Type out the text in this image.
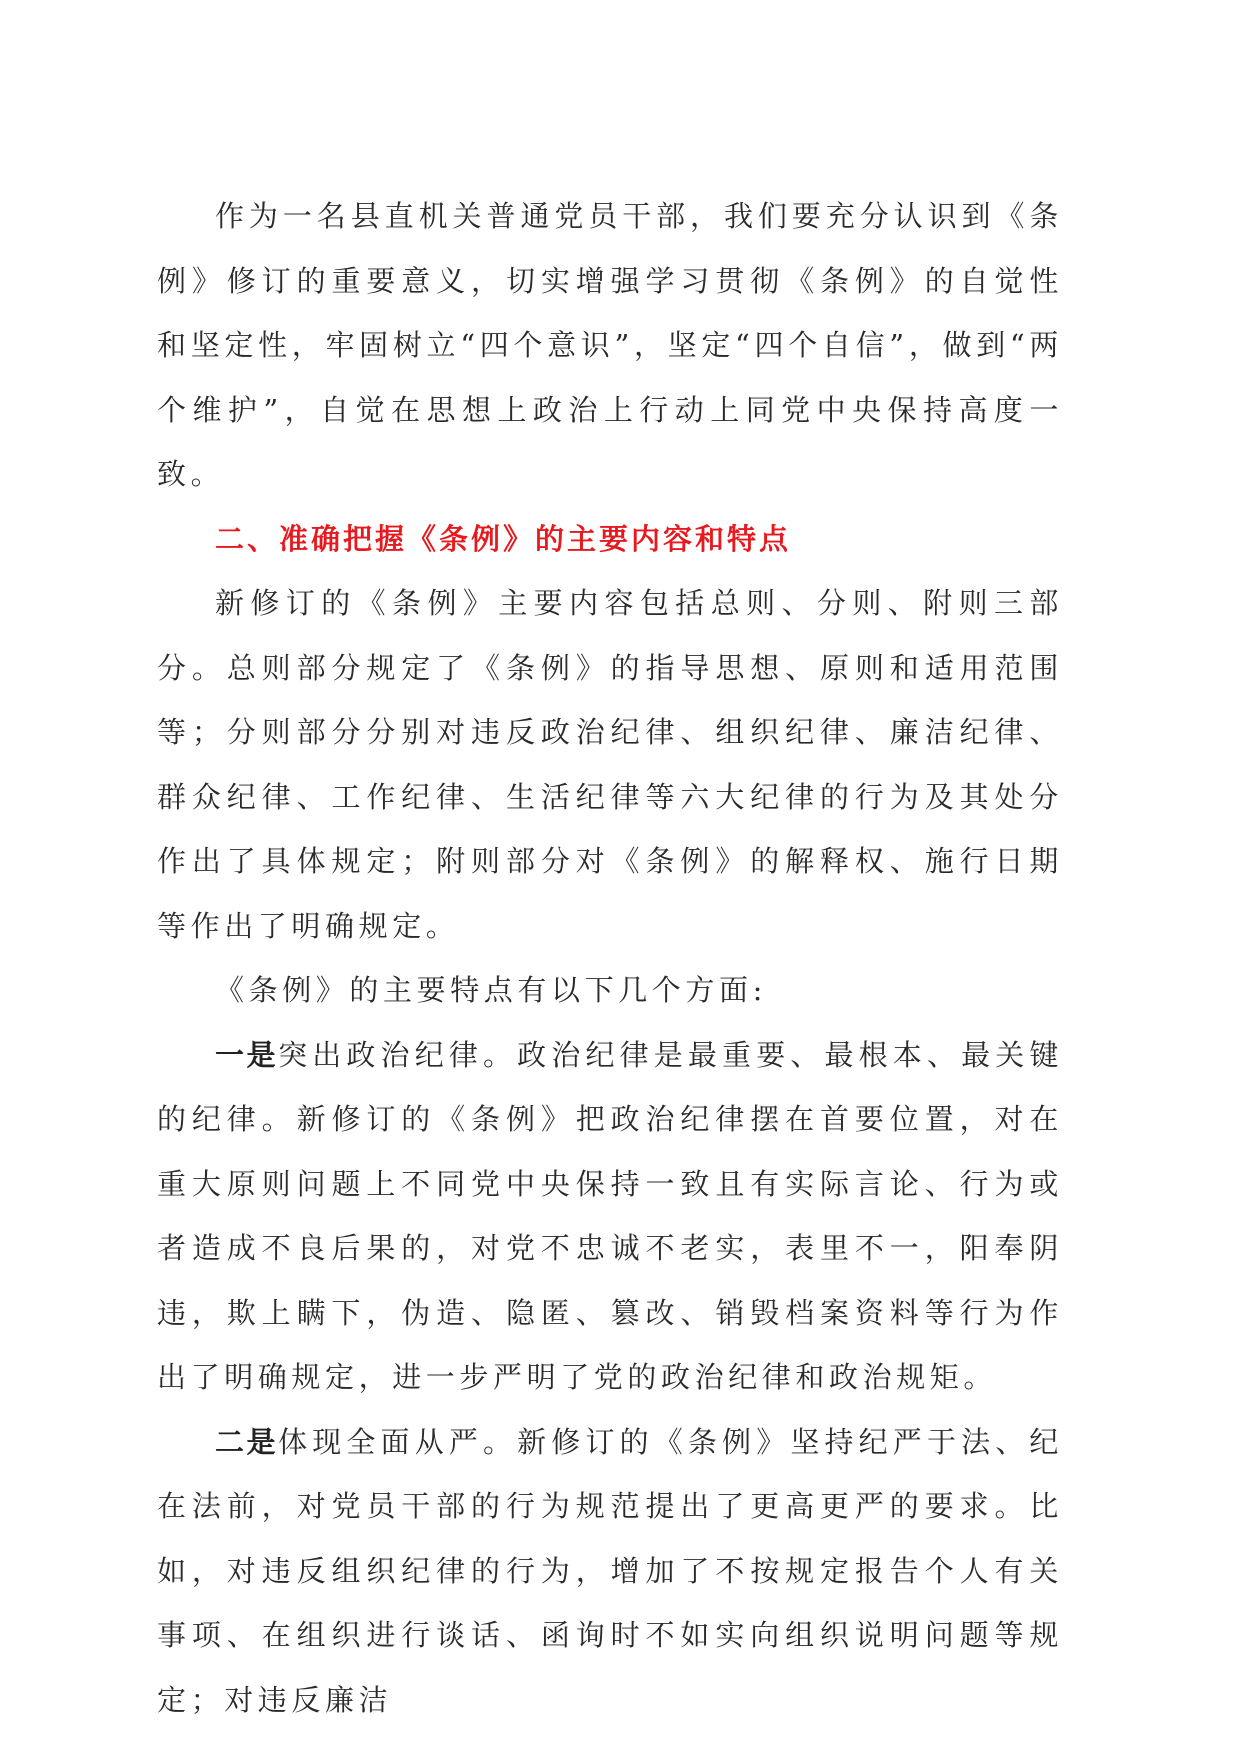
作为一名县直机关普通党员干部，我们要充分认识到《条例》修订的重要意义，切实增强学习贯彻《条例》的自觉性和坚定性，牢固树立“四个意识”，坚定“四个自信”，做到“两个维护”，自觉在思想上政治上行动上同党中央保持高度一致。

二、准确把握《条例》的主要内容和特点

新修订的《条例》主要内容包括总则、分则、附则三部分。总则部分规定了《条例》的指导思想、原则和适用范围等；分则部分分别对违反政治纪律、组织纪律、廉洁纪律、群众纪律、工作纪律、生活纪律等六大纪律的行为及其处分作出了具体规定；附则部分对《条例》的解释权、施行日期等作出了明确规定。

《条例》的主要特点有以下几个方面:

一是突出政治纪律。政治纪律是最重要、最根本、最关键的纪律。新修订的《条例》把政治纪律摆在首要位置，对在重大原则问题上不同党中央保持一致且有实际言论、行为或者造成不良后果的，对党不忠诚不老实，表里不一，阳奉阴违，欺上瞒下，伪造、隐匿、篡改、销毁档案资料等行为作出了明确规定，进一步严明了党的政治纪律和政治规矩。

二是体现全面从严。新修订的《条例》坚持纪严于法、纪在法前，对党员干部的行为规范提出了更高更严的要求。比如，对违反组织纪律的行为，增加了不按规定报告个人有关事项、在组织进行谈话、函询时不如实向组织说明问题等规定；对违反廉洁
